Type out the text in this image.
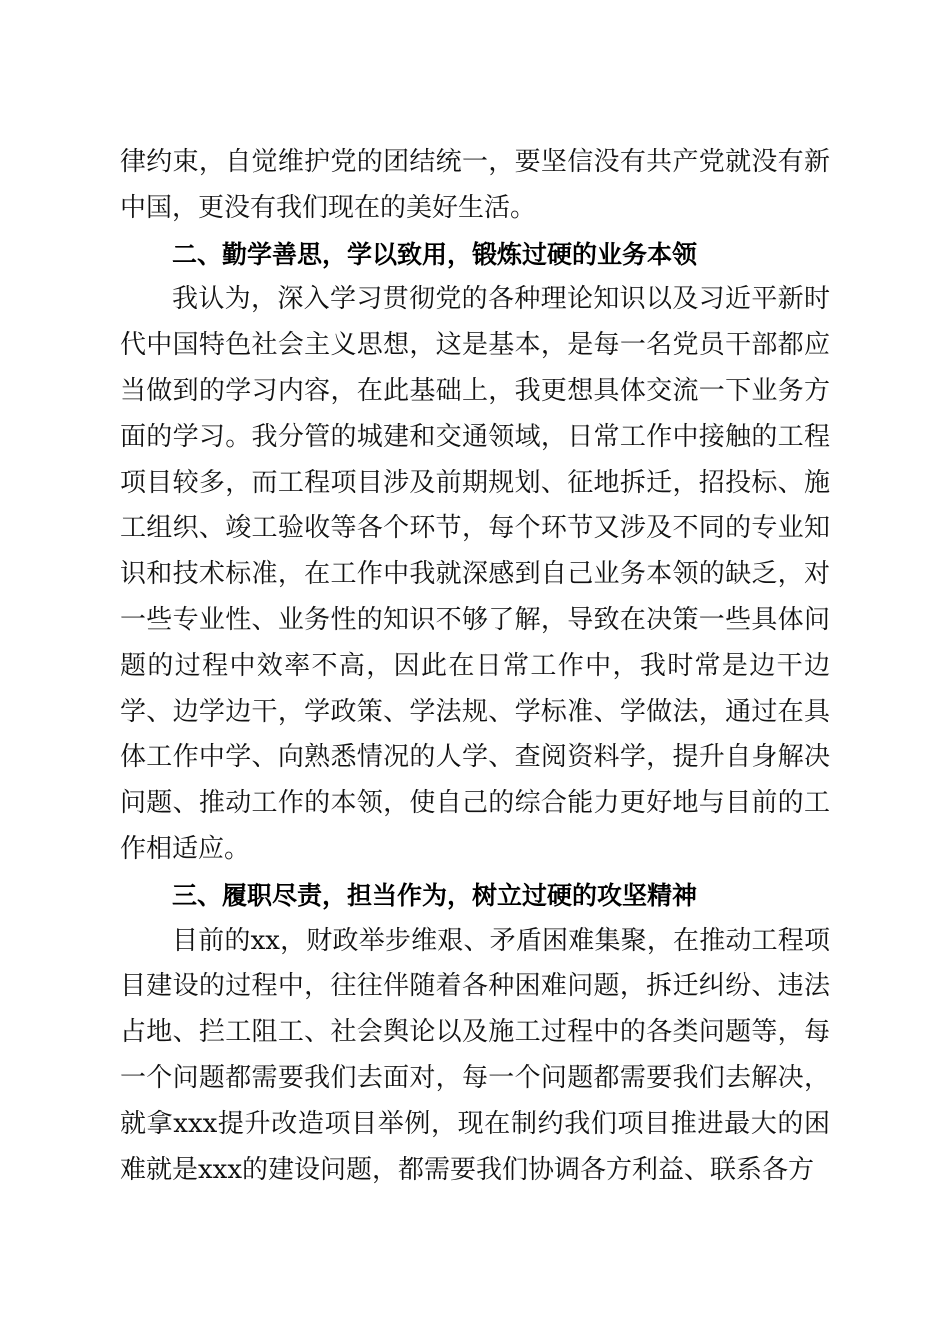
律约束，自觉维护党的团结统一，要坚信没有共产党就没有新中国，更没有我们现在的美好生活。

二、勤学善思，学以致用，锻炼过硬的业务本领

我认为，深入学习贯彻党的各种理论知识以及习近平新时代中国特色社会主义思想，这是基本，是每一名党员干部都应当做到的学习内容，在此基础上，我更想具体交流一下业务方面的学习。我分管的城建和交通领域，日常工作中接触的工程项目较多，而工程项目涉及前期规划、征地拆迁，招投标、施工组织、竣工验收等各个环节，每个环节又涉及不同的专业知识和技术标准，在工作中我就深感到自己业务本领的缺乏，对一些专业性、业务性的知识不够了解，导致在决策一些具体问题的过程中效率不高，因此在日常工作中，我时常是边干边学、边学边干，学政策、学法规、学标准、学做法，通过在具体工作中学、向熟悉情况的人学、查阅资料学，提升自身解决问题、推动工作的本领，使自己的综合能力更好地与目前的工作相适应。

三、履职尽责，担当作为，树立过硬的攻坚精神

目前的xx，财政举步维艰、矛盾困难集聚，在推动工程项目建设的过程中，往往伴随着各种困难问题，拆迁纠纷、违法占地、拦工阻工、社会舆论以及施工过程中的各类问题等，每一个问题都需要我们去面对，每一个问题都需要我们去解决，就拿xxx提升改造项目举例，现在制约我们项目推进最大的困难就是xxx的建设问题，都需要我们协调各方利益、联系各方
